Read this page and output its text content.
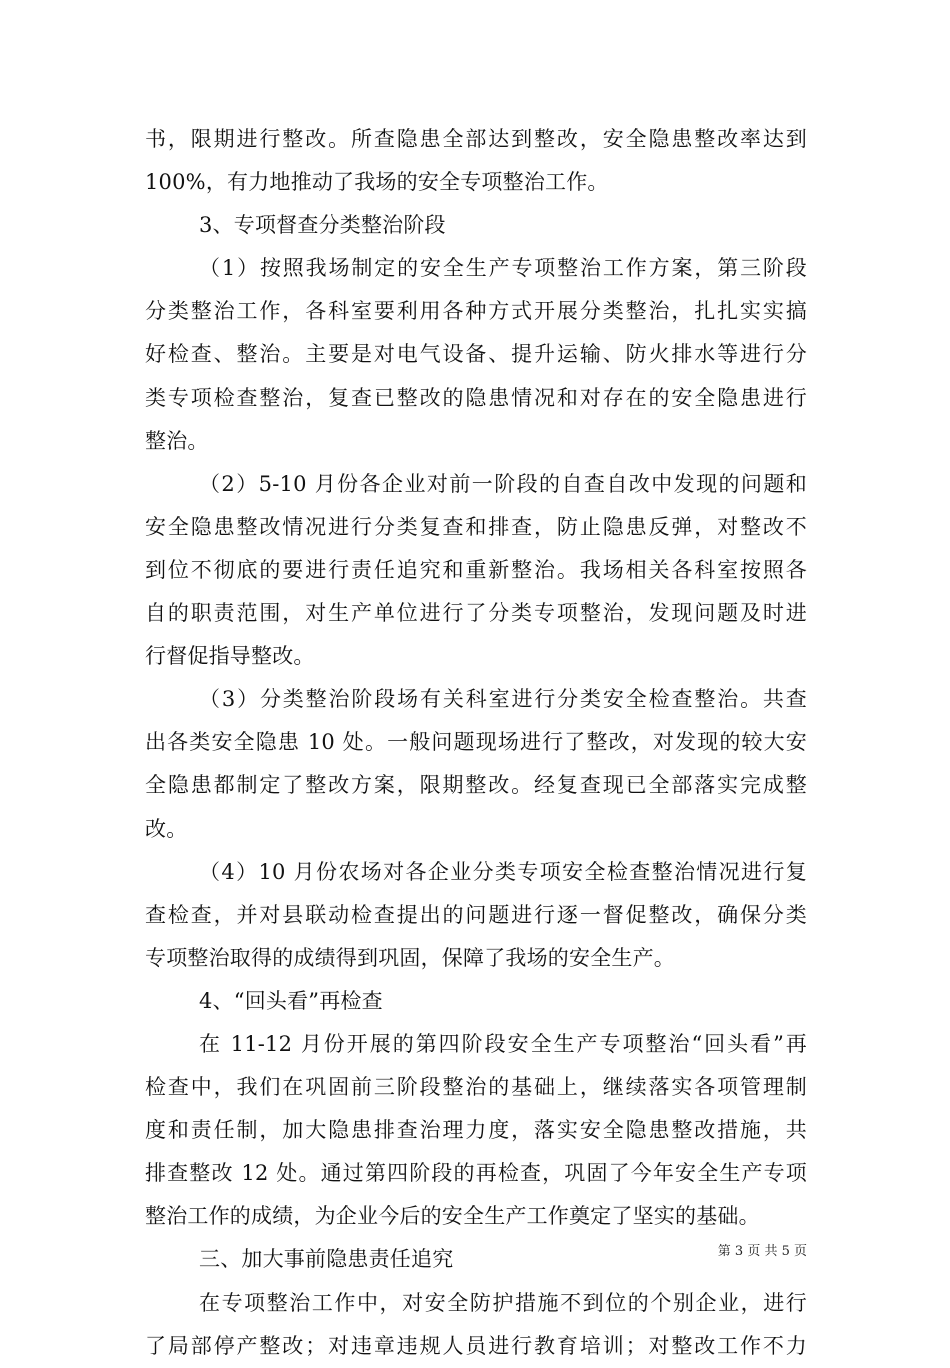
书，限期进行整改。所查隐患全部达到整改，安全隐患整改率达到
100%，有力地推动了我场的安全专项整治工作。
3、专项督查分类整治阶段
（1）按照我场制定的安全生产专项整治工作方案，第三阶段
分类整治工作，各科室要利用各种方式开展分类整治，扎扎实实搞
好检查、整治。主要是对电气设备、提升运输、防火排水等进行分
类专项检查整治，复查已整改的隐患情况和对存在的安全隐患进行
整治。
（2）5-10 月份各企业对前一阶段的自查自改中发现的问题和
安全隐患整改情况进行分类复查和排查，防止隐患反弹，对整改不
到位不彻底的要进行责任追究和重新整治。我场相关各科室按照各
自的职责范围，对生产单位进行了分类专项整治，发现问题及时进
行督促指导整改。
（3）分类整治阶段场有关科室进行分类安全检查整治。共查
出各类安全隐患 10 处。一般问题现场进行了整改，对发现的较大安
全隐患都制定了整改方案，限期整改。经复查现已全部落实完成整
改。
（4）10 月份农场对各企业分类专项安全检查整治情况进行复
查检查，并对县联动检查提出的问题进行逐一督促整改，确保分类
专项整治取得的成绩得到巩固，保障了我场的安全生产。
4、“回头看”再检查
在 11-12 月份开展的第四阶段安全生产专项整治“回头看”再
检查中，我们在巩固前三阶段整治的基础上，继续落实各项管理制
度和责任制，加大隐患排查治理力度，落实安全隐患整改措施，共
排查整改 12 处。通过第四阶段的再检查，巩固了今年安全生产专项
整治工作的成绩，为企业今后的安全生产工作奠定了坚实的基础。
三、加大事前隐患责任追究
在专项整治工作中，对安全防护措施不到位的个别企业，进行
了局部停产整改；对违章违规人员进行教育培训；对整改工作不力
第 3 页 共 5 页
